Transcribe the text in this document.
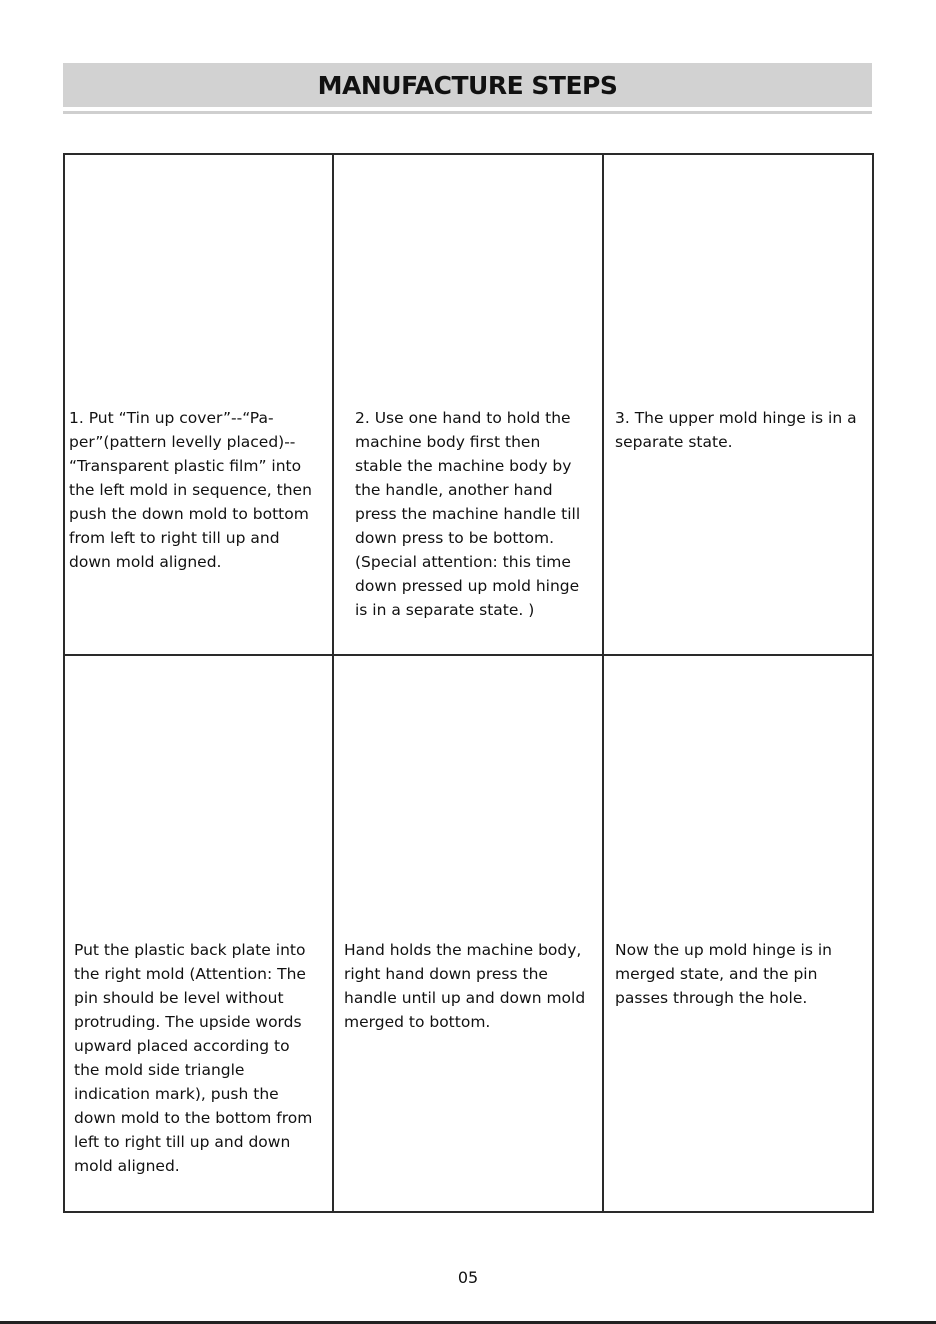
MANUFACTURE STEPS

1. Put “Tin up cover”--“Pa-
per”(pattern levelly placed)--
“Transparent plastic film” into
the left mold in sequence, then
push the down mold to bottom
from left to right till up and
down mold aligned.

2. Use one hand to hold the
machine body first then
stable the machine body by
the handle, another hand
press the machine handle till
down press to be bottom.
(Special attention: this time
down pressed up mold hinge
is in a separate state. )

3. The upper mold hinge is in a
separate state.

Put the plastic back plate into
the right mold (Attention: The
pin should be level without
protruding. The upside words
upward placed according to
the mold side triangle
indication mark), push the
down mold to the bottom from
left to right till up and down
mold aligned.

Hand holds the machine body,
right hand down press the
handle until up and down mold
merged to bottom.

Now the up mold hinge is in
merged state, and the pin
passes through the hole.

05
